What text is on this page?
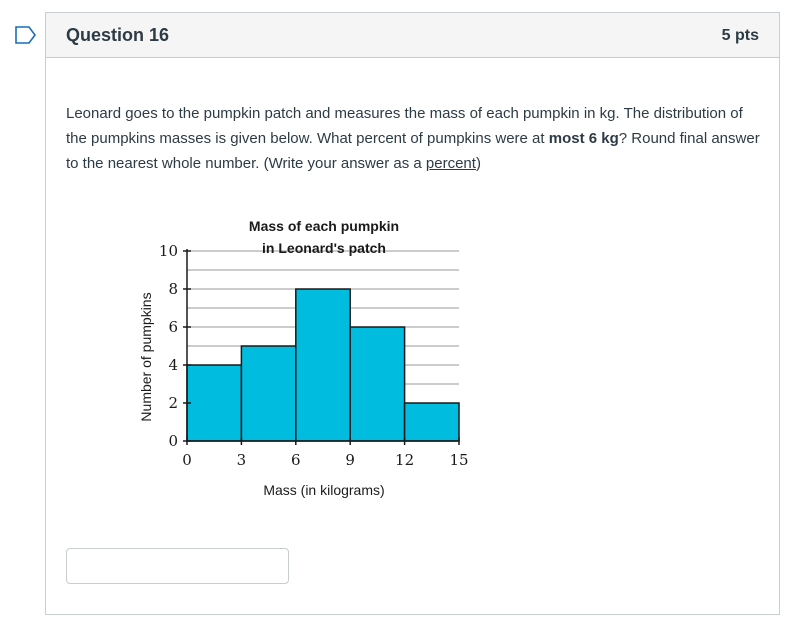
Question 16	5 pts
Leonard goes to the pumpkin patch and measures the mass of each pumpkin in kg. The distribution of the pumpkins masses is given below. What percent of pumpkins were at most 6 kg? Round final answer to the nearest whole number. (Write your answer as a percent)
0	3	6	9	12 15
0
2
4
6
8
10
Mass of each pumpkin
in Leonard's patch
Mass (in kilograms)
Number of pumpkins
